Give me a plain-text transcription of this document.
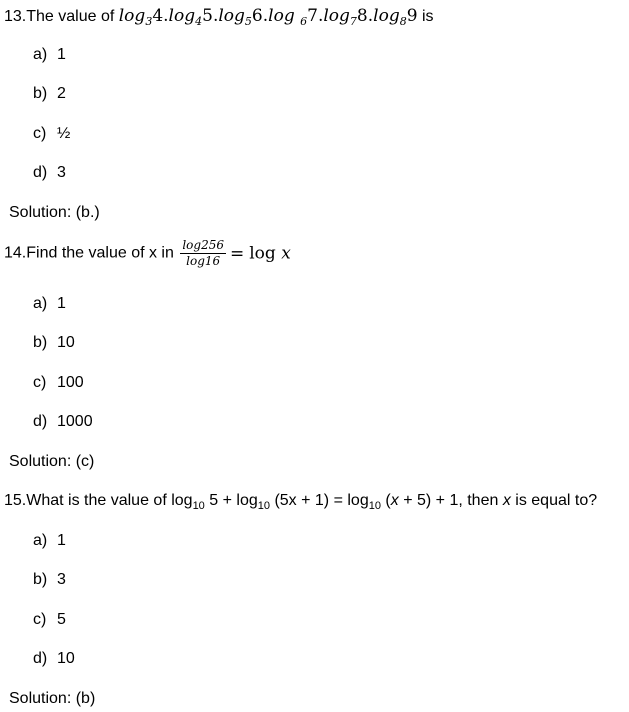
13.The value of $\log_34.\log_45.\log_56.\log$ $_67.\log_78.\log_89$ is
a) 1
b) 2
c) ½
d) 3
Solution: (b.)
14.Find the value of x in $\frac{\log 256}{\log 16} = \log x$
a) 1
b) 10
c) 100
d) 1000
Solution: (c)
15.What is the value of $\log_{10} 5 + \log_{10} (5x + 1) = \log_{10} (x + 5) + 1$, then x is equal to?
a) 1
b) 3
c) 5
d) 10
Solution: (b)
